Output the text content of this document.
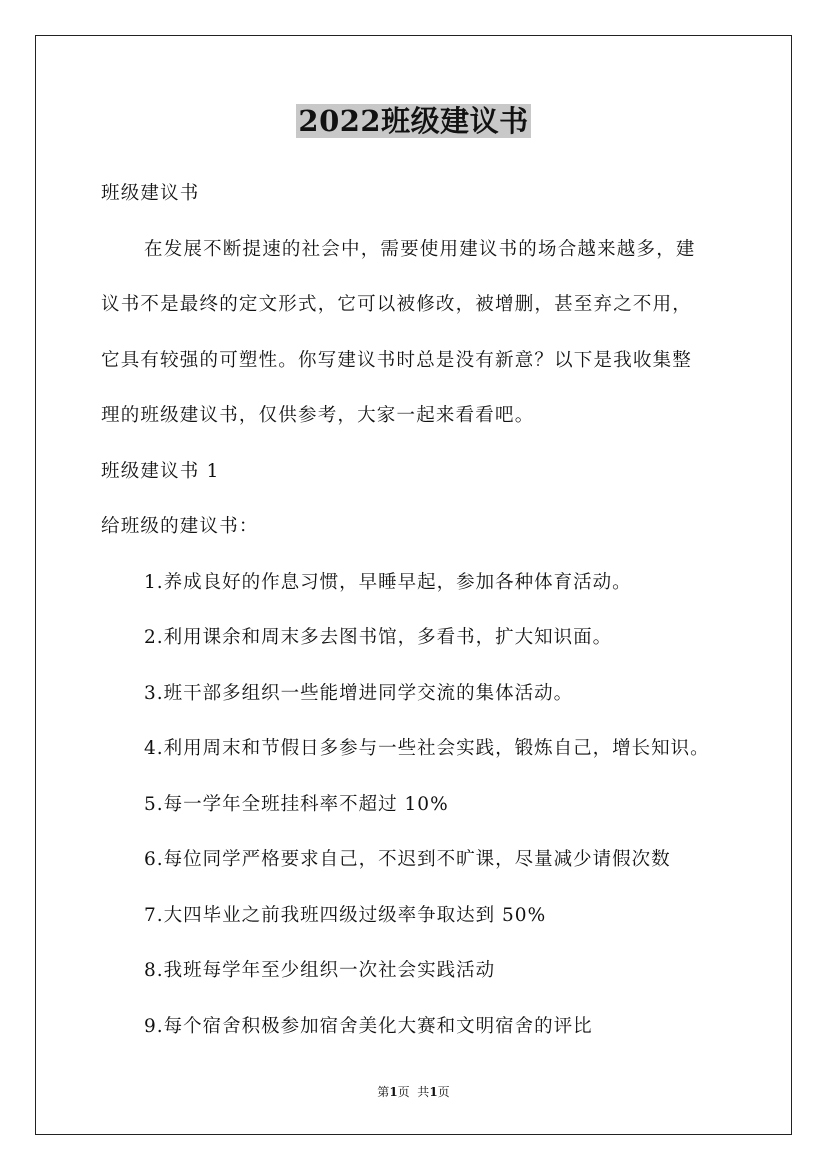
2022班级建议书
班级建议书
在发展不断提速的社会中，需要使用建议书的场合越来越多，建
议书不是最终的定文形式，它可以被修改，被增删，甚至弃之不用，
它具有较强的可塑性。你写建议书时总是没有新意？以下是我收集整
理的班级建议书，仅供参考，大家一起来看看吧。
班级建议书 1
给班级的建议书：
1.养成良好的作息习惯，早睡早起，参加各种体育活动。
2.利用课余和周末多去图书馆，多看书，扩大知识面。
3.班干部多组织一些能增进同学交流的集体活动。
4.利用周末和节假日多参与一些社会实践，锻炼自己，增长知识。
5.每一学年全班挂科率不超过 10%
6.每位同学严格要求自己，不迟到不旷课，尽量减少请假次数
7.大四毕业之前我班四级过级率争取达到 50%
8.我班每学年至少组织一次社会实践活动
9.每个宿舍积极参加宿舍美化大赛和文明宿舍的评比
第1页  共1页
